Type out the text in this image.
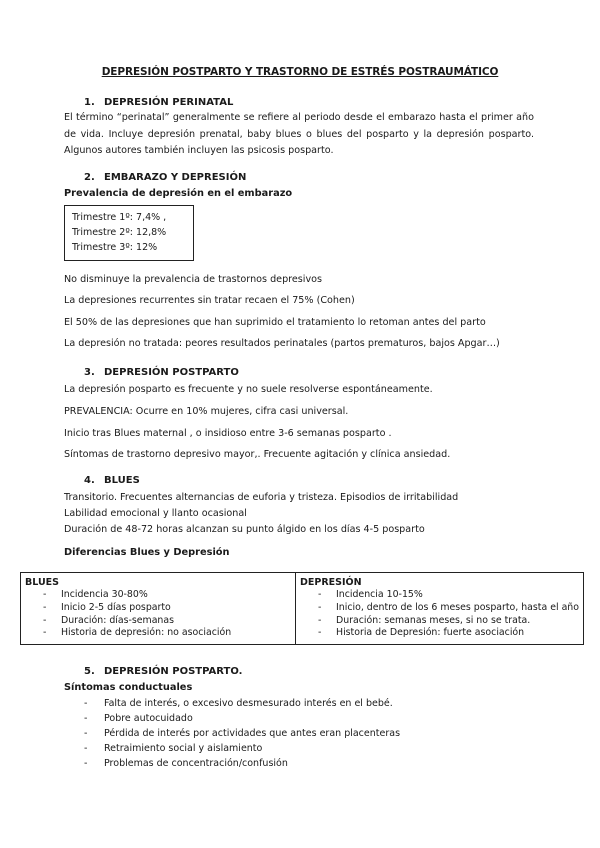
DEPRESIÓN POSTPARTO Y TRASTORNO DE ESTRÉS POSTRAUMÁTICO
1. DEPRESIÓN PERINATAL
El término “perinatal” generalmente se refiere al periodo desde el embarazo hasta el primer año de vida. Incluye depresión prenatal, baby blues o blues del posparto y la depresión posparto. Algunos autores también incluyen las psicosis posparto.
2. EMBARAZO Y DEPRESIÓN
Prevalencia de depresión en el embarazo
Trimestre 1º: 7,4% ,
Trimestre 2º: 12,8%
Trimestre 3º: 12%
No disminuye la prevalencia de trastornos depresivos
La depresiones recurrentes sin tratar recaen el 75% (Cohen)
El 50% de las depresiones que han suprimido el tratamiento lo retoman antes del parto
La depresión no tratada: peores resultados perinatales (partos prematuros, bajos Apgar…)
3. DEPRESIÓN POSTPARTO
La depresión posparto es frecuente y no suele resolverse espontáneamente.
PREVALENCIA: Ocurre en 10% mujeres, cifra casi universal.
Inicio tras Blues maternal , o insidioso entre 3-6 semanas posparto .
Síntomas de trastorno depresivo mayor,. Frecuente agitación y clínica ansiedad.
4. BLUES
Transitorio. Frecuentes alternancias de euforia y tristeza. Episodios de irritabilidad
Labilidad emocional y llanto ocasional
Duración de 48-72 horas alcanzan su punto álgido en los días 4-5 posparto
Diferencias Blues y Depresión
BLUES
- Incidencia 30-80%
- Inicio 2-5 días posparto
- Duración: días-semanas
- Historia de depresión: no asociación

DEPRESIÓN
- Incidencia 10-15%
- Inicio, dentro de los 6 meses posparto, hasta el año
- Duración: semanas meses, si no se trata.
- Historia de Depresión: fuerte asociación
5. DEPRESIÓN POSTPARTO.
Síntomas conductuales
- Falta de interés, o excesivo desmesurado interés en el bebé.
- Pobre autocuidado
- Pérdida de interés por actividades que antes eran placenteras
- Retraimiento social y aislamiento
- Problemas de concentración/confusión
